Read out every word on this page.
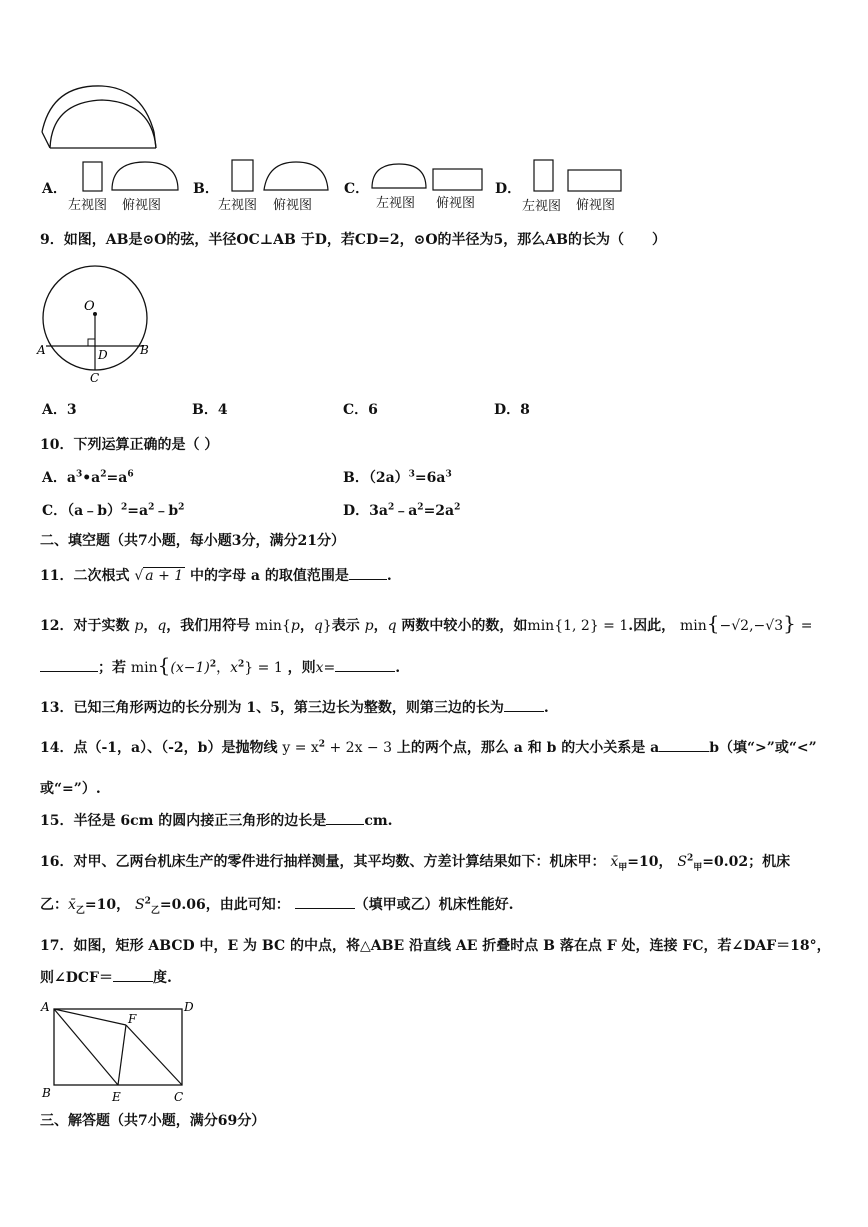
A．
左视图 俯视图
B．
左视图 俯视图
C．
左视图 俯视图
D．
左视图 俯视图
9．如图，AB是⊙O的弦，半径OC⊥AB 于D，若CD=2，⊙O的半径为5，那么AB的长为（　　）
O
A	B
D
C
A．3	B．4	C．6	D．8
10．下列运算正确的是（ ）
A．$a^3•a^2=a^6$	B．$(2a)^3=6a^3$
C．$(a﹣b)^2=a^2﹣b^2$	D．$3a^2﹣a^2=2a^2$
二、填空题（共7小题，每小题3分，满分21分）
11．二次根式 √ a + 1 中的字母 a 的取值范围是	.
12．对于实数 p，q，我们用符号 min{p，q}表示 p，q 两数中较小的数，如min{1, 2} = 1.因此， min{−√2,−√3} =
；若 $\min\{(x-1)^2$，$x^2\} = 1$ ，则x=	.
13．已知三角形两边的长分别为 1、5，第三边长为整数，则第三边的长为	.
14．点（-1，a）、（-2，b）是抛物线 $y = x^2 + 2x - 3$ 上的两个点，那么 a 和 b 的大小关系是 a	b（填“>”或“<”
或“=”）.
15．半径是 6cm 的圆内接正三角形的边长是	cm.
16．对甲、乙两台机床生产的零件进行抽样测量，其平均数、方差计算结果如下：机床甲： $x̄_甲=10$， $S^2_甲=0.02$；机床
乙：$x̄_乙=10$， $S^2_乙=0.06$，由此可知：	（填甲或乙）机床性能好.
17．如图，矩形 ABCD 中，E 为 BC 的中点，将△ABE 沿直线 AE 折叠时点 B 落在点 F 处，连接 FC，若∠DAF＝18°，
则∠DCF＝	度.
A	D
F
B	E	C
三、解答题（共7小题，满分69分）
